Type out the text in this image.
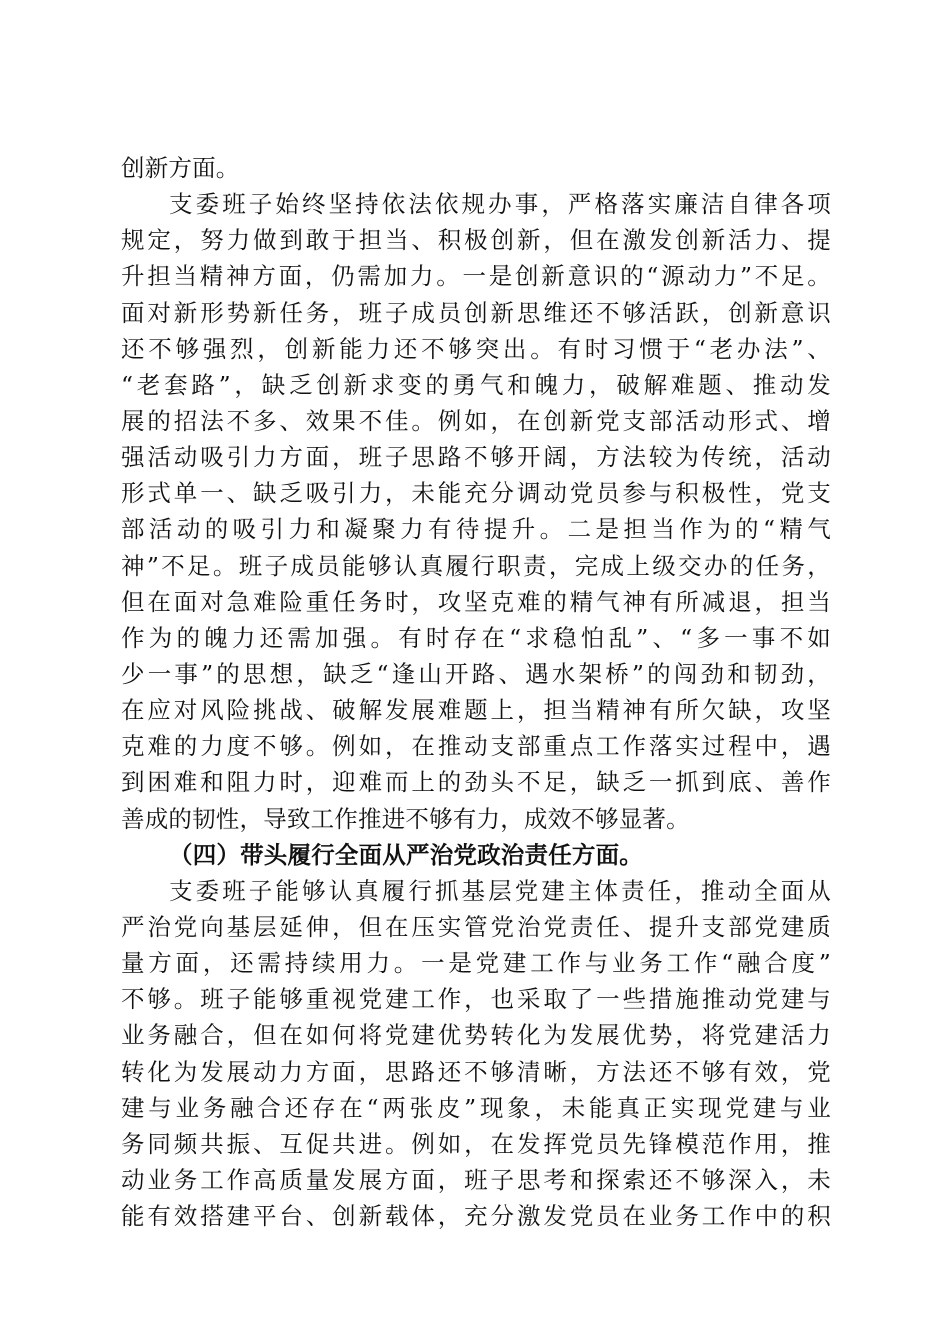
创新方面。
支委班子始终坚持依法依规办事，严格落实廉洁自律各项
规定，努力做到敢于担当、积极创新，但在激发创新活力、提
升担当精神方面，仍需加力。一是创新意识的“源动力”不足。
面对新形势新任务，班子成员创新思维还不够活跃，创新意识
还不够强烈，创新能力还不够突出。有时习惯于“老办法”、
“老套路”，缺乏创新求变的勇气和魄力，破解难题、推动发
展的招法不多、效果不佳。例如，在创新党支部活动形式、增
强活动吸引力方面，班子思路不够开阔，方法较为传统，活动
形式单一、缺乏吸引力，未能充分调动党员参与积极性，党支
部活动的吸引力和凝聚力有待提升。二是担当作为的“精气
神”不足。班子成员能够认真履行职责，完成上级交办的任务，
但在面对急难险重任务时，攻坚克难的精气神有所减退，担当
作为的魄力还需加强。有时存在“求稳怕乱”、“多一事不如
少一事”的思想，缺乏“逢山开路、遇水架桥”的闯劲和韧劲，
在应对风险挑战、破解发展难题上，担当精神有所欠缺，攻坚
克难的力度不够。例如，在推动支部重点工作落实过程中，遇
到困难和阻力时，迎难而上的劲头不足，缺乏一抓到底、善作
善成的韧性，导致工作推进不够有力，成效不够显著。
（四）带头履行全面从严治党政治责任方面。
支委班子能够认真履行抓基层党建主体责任，推动全面从
严治党向基层延伸，但在压实管党治党责任、提升支部党建质
量方面，还需持续用力。一是党建工作与业务工作“融合度”
不够。班子能够重视党建工作，也采取了一些措施推动党建与
业务融合，但在如何将党建优势转化为发展优势，将党建活力
转化为发展动力方面，思路还不够清晰，方法还不够有效，党
建与业务融合还存在“两张皮”现象，未能真正实现党建与业
务同频共振、互促共进。例如，在发挥党员先锋模范作用，推
动业务工作高质量发展方面，班子思考和探索还不够深入，未
能有效搭建平台、创新载体，充分激发党员在业务工作中的积
